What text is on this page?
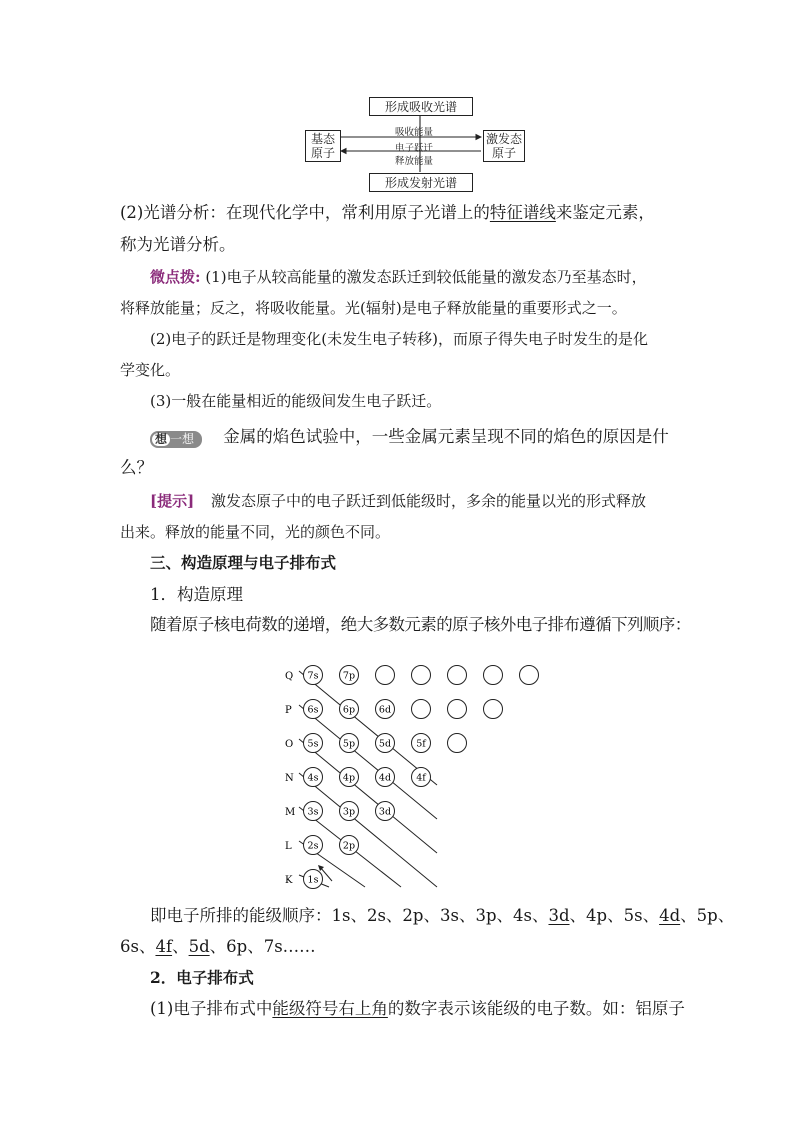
形成吸收光谱
基态
原子
激发态
原子
形成发射光谱
吸收能量
电子跃迁
释放能量
(2)光谱分析：在现代化学中，常利用原子光谱上的特征谱线来鉴定元素，
称为光谱分析。
微点拨: (1)电子从较高能量的激发态跃迁到较低能量的激发态乃至基态时，
将释放能量；反之，将吸收能量。光(辐射)是电子释放能量的重要形式之一。
(2)电子的跃迁是物理变化(未发生电子转移)，而原子得失电子时发生的是化
学变化。
(3)一般在能量相近的能级间发生电子跃迁。
想 一想 金属的焰色试验中，一些金属元素呈现不同的焰色的原因是什
么？
[提示] 激发态原子中的电子跃迁到低能级时，多余的能量以光的形式释放
出来。释放的能量不同，光的颜色不同。
三、构造原理与电子排布式
1．构造原理
随着原子核电荷数的递增，绝大多数元素的原子核外电子排布遵循下列顺序：
Q 7s	7p
P 6s	6p	6d
O 5s	5p	5d	5f
N 4s	4p	4d	4f
M 3s	3p	3d
L 2s	2p
K 1s
即电子所排的能级顺序：1s、2s、2p、3s、3p、4s、3d、4p、5s、4d、5p、
6s、4f、5d、6p、7s……
2．电子排布式
(1)电子排布式中能级符号右上角的数字表示该能级的电子数。如：铝原子
